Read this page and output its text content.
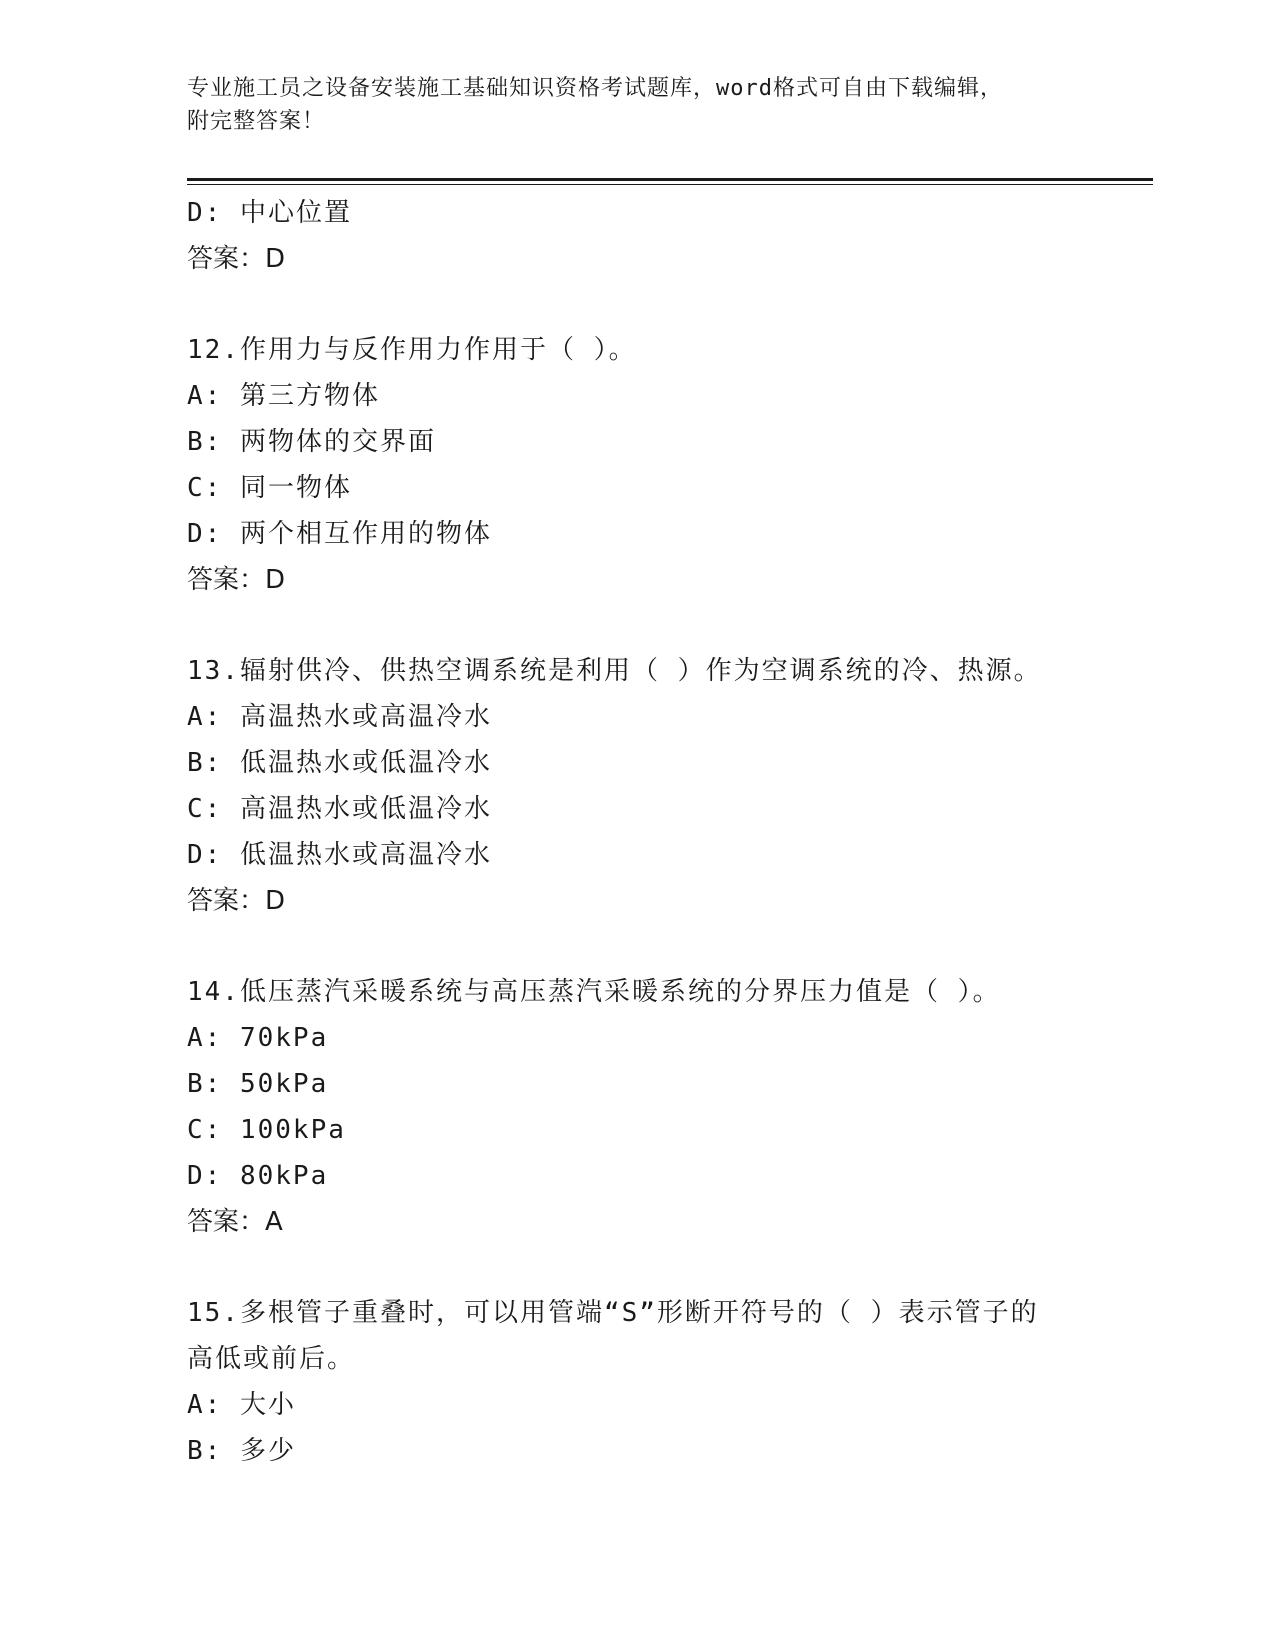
专业施工员之设备安装施工基础知识资格考试题库，word格式可自由下载编辑，
附完整答案！
D: 中心位置
答案：D
12.作用力与反作用力作用于（ ）。
A: 第三方物体
B: 两物体的交界面
C: 同一物体
D: 两个相互作用的物体
答案：D
13.辐射供冷、供热空调系统是利用（ ）作为空调系统的冷、热源。
A: 高温热水或高温冷水
B: 低温热水或低温冷水
C: 高温热水或低温冷水
D: 低温热水或高温冷水
答案：D
14.低压蒸汽采暖系统与高压蒸汽采暖系统的分界压力值是（ ）。
A: 70kPa
B: 50kPa
C: 100kPa
D: 80kPa
答案：A
15.多根管子重叠时，可以用管端“S”形断开符号的（ ）表示管子的
高低或前后。
A: 大小
B: 多少
